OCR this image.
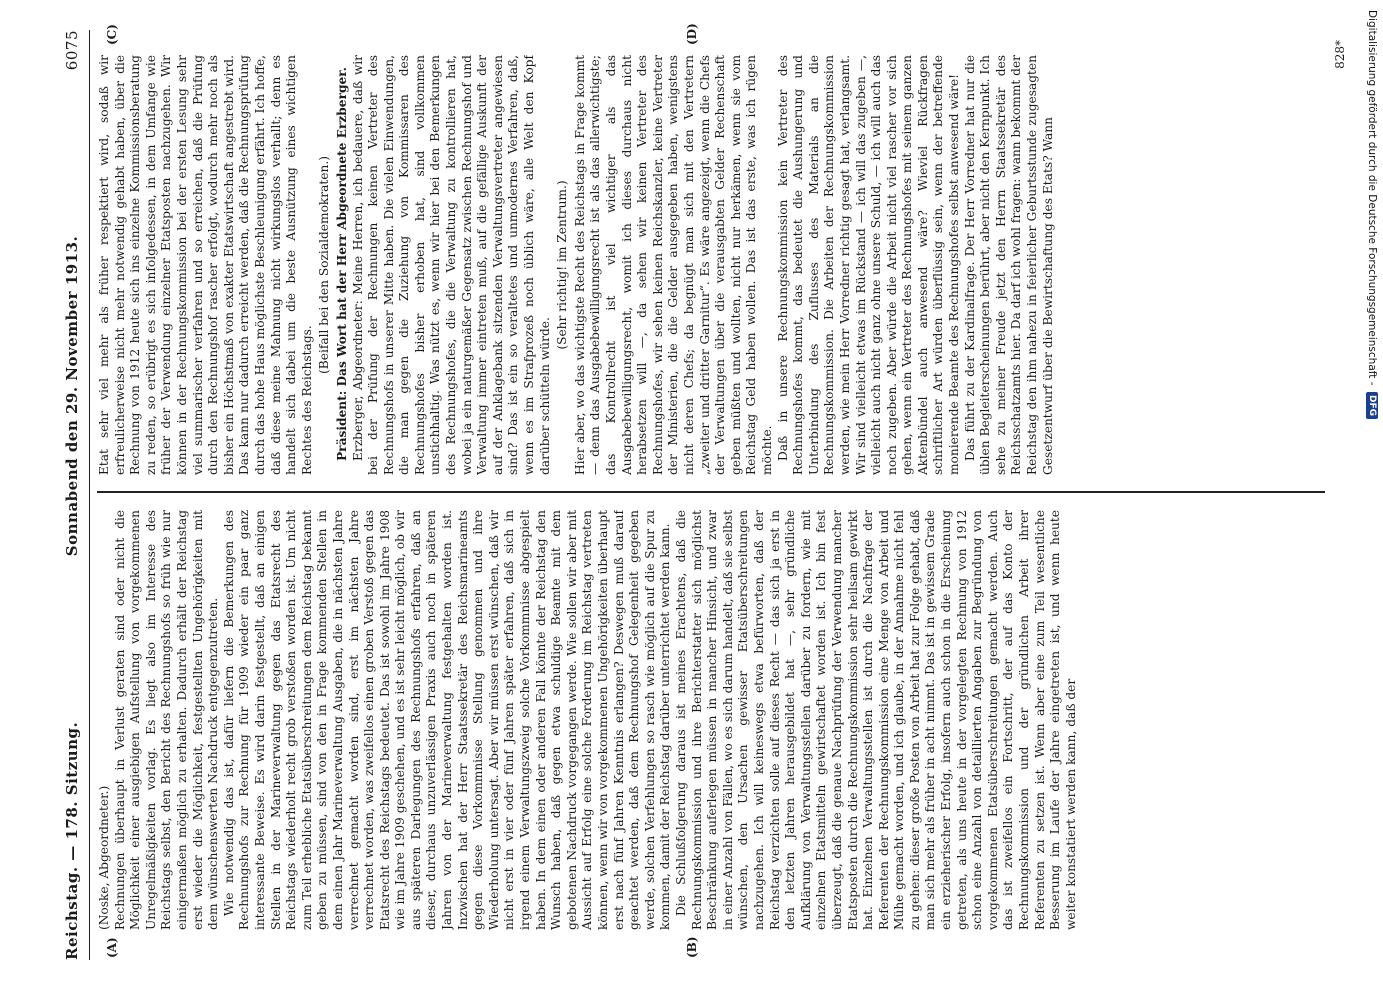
Reichstag. — 178. Sitzung.
Sonnabend den 29. November 1913.
6075
(A)	(B)
(C)	(D)

(Noske, Abgeordneter.) Rechnungen überhaupt in Verlust geraten sind oder nicht die Möglichkeit einer ausgiebigen Aufstellung von vorgekommenen Unregelmäßigkeiten vorlag. Es liegt also im Interesse des Reichstags selbst, den Bericht des Rechnungshofs so früh wie nur einigermaßen möglich zu erhalten. Dadurch erhält der Reichstag erst wieder die Möglichkeit, festgestellten Ungehörigkeiten mit dem wünschenswerten Nachdruck entgegenzutreten. Wie notwendig das ist, dafür liefern die Bemerkungen des Rechnungshofs zur Rechnung für 1909 wieder ein paar ganz interessante Beweise. Es wird darin festgestellt, daß an einigen Stellen in der Marineverwaltung gegen das Etatsrecht des Reichstags wiederholt recht grob verstoßen worden ist. Um nicht zum Teil erhebliche Etatsüberschreitungen dem Reichstag bekannt geben zu müssen, sind von den in Frage kommenden Stellen in dem einen Jahr Marineverwaltung Ausgaben, die in nächsten Jahre verrechnet gemacht worden sind, erst im nächsten Jahre verrechnet worden, was zweifellos einen groben Verstoß gegen das Etatsrecht des Reichstags bedeutet. Das ist sowohl im Jahre 1908 wie im Jahre 1909 geschehen, und es ist sehr leicht möglich, ob wir aus späteren Darlegungen des Rechnungshofs erfahren, daß an dieser, durchaus unzuverlässigen Praxis auch noch in späteren Jahren von der Marineverwaltung festgehalten worden ist. Inzwischen hat der Herr Staatssekretär des Reichsmarineamts gegen diese Vorkommnisse Stellung genommen und ihre Wiederholung untersagt. Aber wir müssen erst wünschen, daß wir nicht erst in vier oder fünf Jahren später erfahren, daß sich in irgend einem Verwaltungszweig solche Vorkommnisse abgespielt haben. In dem einen oder anderen Fall könnte der Reichstag den Wunsch haben, daß gegen etwa schuldige Beamte mit dem gebotenen Nachdruck vorgegangen werde. Wie sollen wir aber mit Aussicht auf Erfolg eine solche Forderung im Reichstag vertreten können, wenn wir von vorgekommenen Ungehörigkeiten überhaupt erst nach fünf Jahren Kenntnis erlangen? Deswegen muß darauf geachtet werden, daß dem Rechnungshof Gelegenheit gegeben werde, solchen Verfehlungen so rasch wie möglich auf die Spur zu kommen, damit der Reichstag darüber unterrichtet werden kann. Die Schlußfolgerung daraus ist meines Erachtens, daß die Rechnungskommission und ihre Berichterstatter sich möglichst Beschränkung auferlegen müssen in mancher Hinsicht, und zwar in einer Anzahl von Fällen, wo es sich darum handelt, daß sie selbst wünschen, den Ursachen gewisser Etatsüberschreitungen nachzugehen. Ich will keineswegs etwa befürworten, daß der Reichstag verzichten solle auf dieses Recht — das sich ja erst in den letzten Jahren herausgebildet hat —, sehr gründliche Aufklärung von Verwaltungsstellen darüber zu fordern, wie mit einzelnen Etatsmitteln gewirtschaftet worden ist. Ich bin fest überzeugt, daß die genaue Nachprüfung der Verwendung mancher Etatsposten durch die Rechnungskommission sehr heilsam gewirkt hat. Einzelnen Verwaltungsstellen ist durch die Nachfrage der Referenten der Rechnungskommission eine Menge von Arbeit und Mühe gemacht worden, und ich glaube, in der Annahme nicht fehl zu gehen: dieser große Posten von Arbeit hat zur Folge gehabt, daß man sich mehr als früher in acht nimmt. Das ist in gewissem Grade ein erzieherischer Erfolg, insofern auch schon in die Erscheinung getreten, als uns heute in der vorgelegten Rechnung von 1912 schon eine Anzahl von detaillierten Angaben zur Begründung von vorgekommenen Etatsüberschreitungen gemacht werden. Auch das ist zweifellos ein Fortschritt, der auf das Konto der Rechnungskommission und der gründlichen Arbeit ihrer Referenten zu setzen ist. Wenn aber eine zum Teil wesentliche Besserung im Laufe der Jahre eingetreten ist, und wenn heute weiter konstatiert werden kann, daß der

Etat sehr viel mehr als früher respektiert wird, sodaß wir erfreulicherweise nicht mehr notwendig gehabt haben, über die Rechnung von 1912 heute sich ins einzelne Kommissionsberatung zu reden, so erübrigt es sich infolgedessen, in dem Umfange wie früher der Verwendung einzelner Etatsposten nachzugehen. Wir können in der Rechnungskommission bei der ersten Lesung sehr viel summarischer verfahren und so erreichen, daß die Prüfung durch den Rechnungshof rascher erfolgt, wodurch mehr noch als bisher ein Höchstmaß von exakter Etatswirtschaft angestrebt wird. Das kann nur dadurch erreicht werden, daß die Rechnungsprüfung durch das hohe Haus möglichste Beschleunigung erfährt. Ich hoffe, daß diese meine Mahnung nicht wirkungslos verhallt; denn es handelt sich dabei um die beste Ausnützung eines wichtigen Rechtes des Reichstags.

(Beifall bei den Sozialdemokraten.) Präsident: Das Wort hat der Herr Abgeordnete Erzberger. Erzberger, Abgeordneter: Meine Herren, ich bedauere, daß wir bei der Prüfung der Rechnungen keinen Vertreter des Rechnungshofs in unserer Mitte haben. Die vielen Einwendungen, die man gegen die Zuziehung von Kommissaren des Rechnungshofes bisher erhoben hat, sind vollkommen unstichhaltig. Was nützt es, wenn wir hier bei den Bemerkungen des Rechnungshofes, die die Verwaltung zu kontrollieren hat, wobei ja ein naturgemäßer Gegensatz zwischen Rechnungshof und Verwaltung immer eintreten muß, auf die gefällige Auskunft der auf der Anklagebank sitzenden Verwaltungsvertreter angewiesen sind? Das ist ein so veraltetes und unmodernes Verfahren, daß, wenn es im Strafprozeß noch üblich wäre, alle Welt den Kopf darüber schütteln würde.

(Sehr richtig! im Zentrum.) Hier aber, wo das wichtigste Recht des Reichstags in Frage kommt — denn das Ausgabebewilligungsrecht ist als das allerwichtigste; das Kontrollrecht ist viel wichtiger als das Ausgabebewilligungsrecht, womit ich dieses durchaus nicht herabsetzen will —, da sehen wir keinen Vertreter des Rechnungshofes, wir sehen keinen Reichskanzler, keine Vertreter der Ministerien, die die Gelder ausgegeben haben, wenigstens nicht deren Chefs; da begnügt man sich mit den Vertretern „zweiter und dritter Garnitur“. Es wäre angezeigt, wenn die Chefs der Verwaltungen über die verausgabten Gelder Rechenschaft geben müßten und wollten, nicht nur herkämen, wenn sie vom Reichstag Geld haben wollen. Das ist das erste, was ich rügen möchte. Daß in unsere Rechnungskommission kein Vertreter des Rechnungshofes kommt, das bedeutet die Aushungerung und Unterbindung des Zuflusses des Materials an die Rechnungskommission. Die Arbeiten der Rechnungskommission werden, wie mein Herr Vorredner richtig gesagt hat, verlangsamt. Wir sind vielleicht etwas im Rückstand — ich will das zugeben —, vielleicht auch nicht ganz ohne unsere Schuld, — ich will auch das noch zugeben. Aber würde die Arbeit nicht viel rascher vor sich gehen, wenn ein Vertreter des Rechnungshofes mit seinem ganzen Aktenbündel auch anwesend wäre? Wieviel Rückfragen schriftlicher Art würden überflüssig sein, wenn der betreffende monierende Beamte des Rechnungshofes selbst anwesend wäre! Das führt zu der Kardinalfrage. Der Herr Vorredner hat nur die üblen Begleiterscheinungen berührt, aber nicht den Kernpunkt. Ich sehe zu meiner Freude jetzt den Herrn Staatssekretär des Reichsschatzamts hier. Da darf ich wohl fragen: wann bekommt der Reichstag den ihm nahezu in feierlicher Geburtsstunde zugesagten Gesetzentwurf über die Bewirtschaftung des Etats? Wann

828* Digitalisierung gefördert durch die Deutsche Forschungsgemeinschaft -
DFG
